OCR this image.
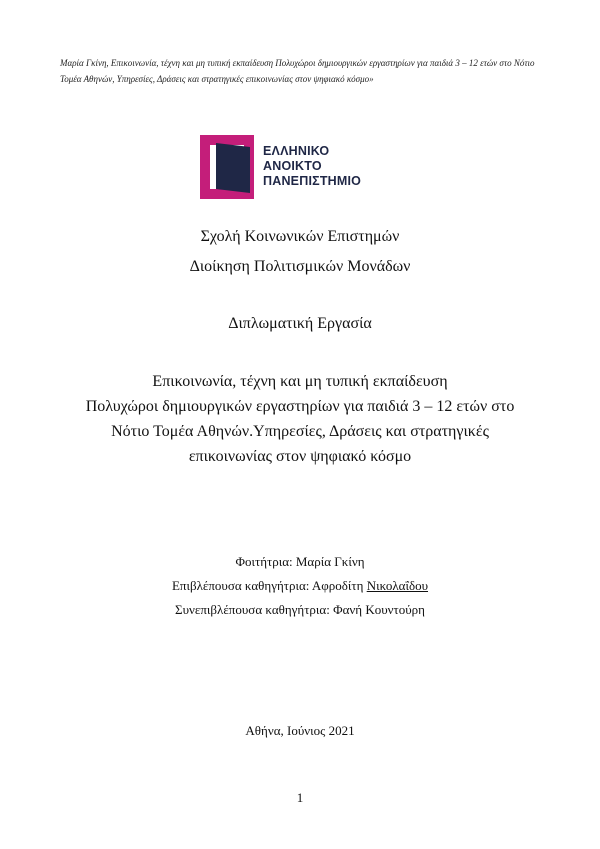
Μαρία Γκίνη, Επικοινωνία, τέχνη και μη τυπική εκπαίδευση Πολυχώροι δημιουργικών εργαστηρίων για παιδιά 3 – 12 ετών στο Νότιο Τομέα Αθηνών, Υπηρεσίες, Δράσεις και στρατηγικές επικοινωνίας στον ψηφιακό κόσμο»
ΕΛΛΗΝΙΚΟ
ΑΝΟΙΚΤΟ
ΠΑΝΕΠΙΣΤΗΜΙΟ
Σχολή Κοινωνικών Επιστημών
Διοίκηση Πολιτισμικών Μονάδων
Διπλωματική Εργασία
Επικοινωνία, τέχνη και μη τυπική εκπαίδευση
Πολυχώροι δημιουργικών εργαστηρίων για παιδιά 3 – 12 ετών στο Νότιο Τομέα Αθηνών.Υπηρεσίες, Δράσεις και στρατηγικές επικοινωνίας στον ψηφιακό κόσμο
Φοιτήτρια: Μαρία Γκίνη
Επιβλέπουσα καθηγήτρια: Αφροδίτη Νικολαΐδου
Συνεπιβλέπουσα καθηγήτρια: Φανή Κουντούρη
Αθήνα, Ιούνιος 2021
1
